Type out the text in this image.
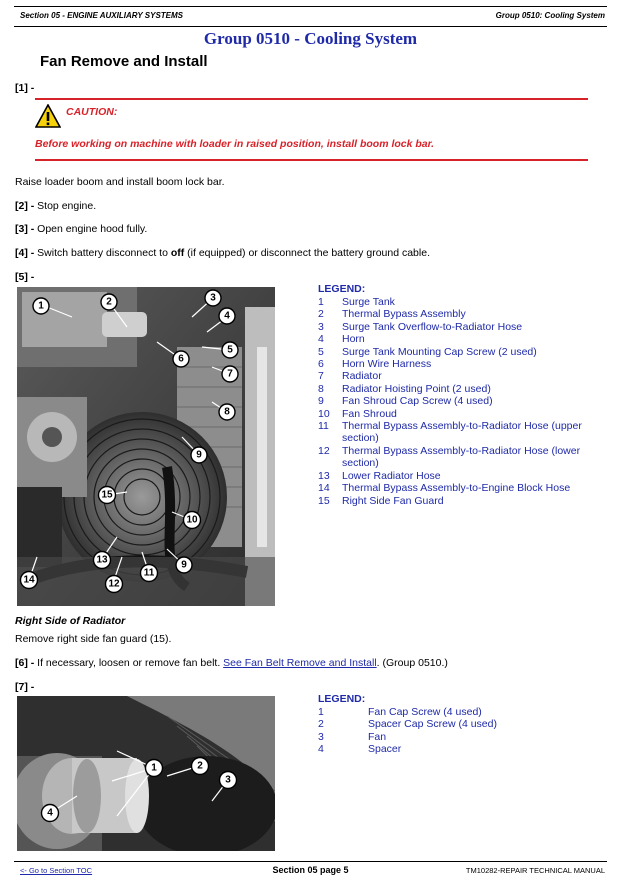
Section 05 - ENGINE AUXILIARY SYSTEMS	Group 0510: Cooling System
Group 0510 - Cooling System
Fan Remove and Install
[1] -
CAUTION:
Before working on machine with loader in raised position, install boom lock bar.
Raise loader boom and install boom lock bar.
[2] - Stop engine.
[3] - Open engine hood fully.
[4] - Switch battery disconnect to off (if equipped) or disconnect the battery ground cable.
[5] -
1	2	3
4
5
6
7
8
9
10
15
13
11
12
14
9
LEGEND:
1	Surge Tank
2	Thermal Bypass Assembly
3	Surge Tank Overflow-to-Radiator Hose
4	Horn
5	Surge Tank Mounting Cap Screw (2 used)
6	Horn Wire Harness
7	Radiator
8	Radiator Hoisting Point (2 used)
9	Fan Shroud Cap Screw (4 used)
10	Fan Shroud
11	Thermal Bypass Assembly-to-Radiator Hose (upper section)
12	Thermal Bypass Assembly-to-Radiator Hose (lower section)
13	Lower Radiator Hose
14	Thermal Bypass Assembly-to-Engine Block Hose
15	Right Side Fan Guard
Right Side of Radiator
Remove right side fan guard (15).
[6] - If necessary, loosen or remove fan belt. See Fan Belt Remove and Install. (Group 0510.)
[7] -
1	2
3
4
LEGEND:
1	Fan Cap Screw (4 used)
2	Spacer Cap Screw (4 used)
3	Fan
4	Spacer
<- Go to Section TOC	Section 05 page 5	TM10282-REPAIR TECHNICAL MANUAL
